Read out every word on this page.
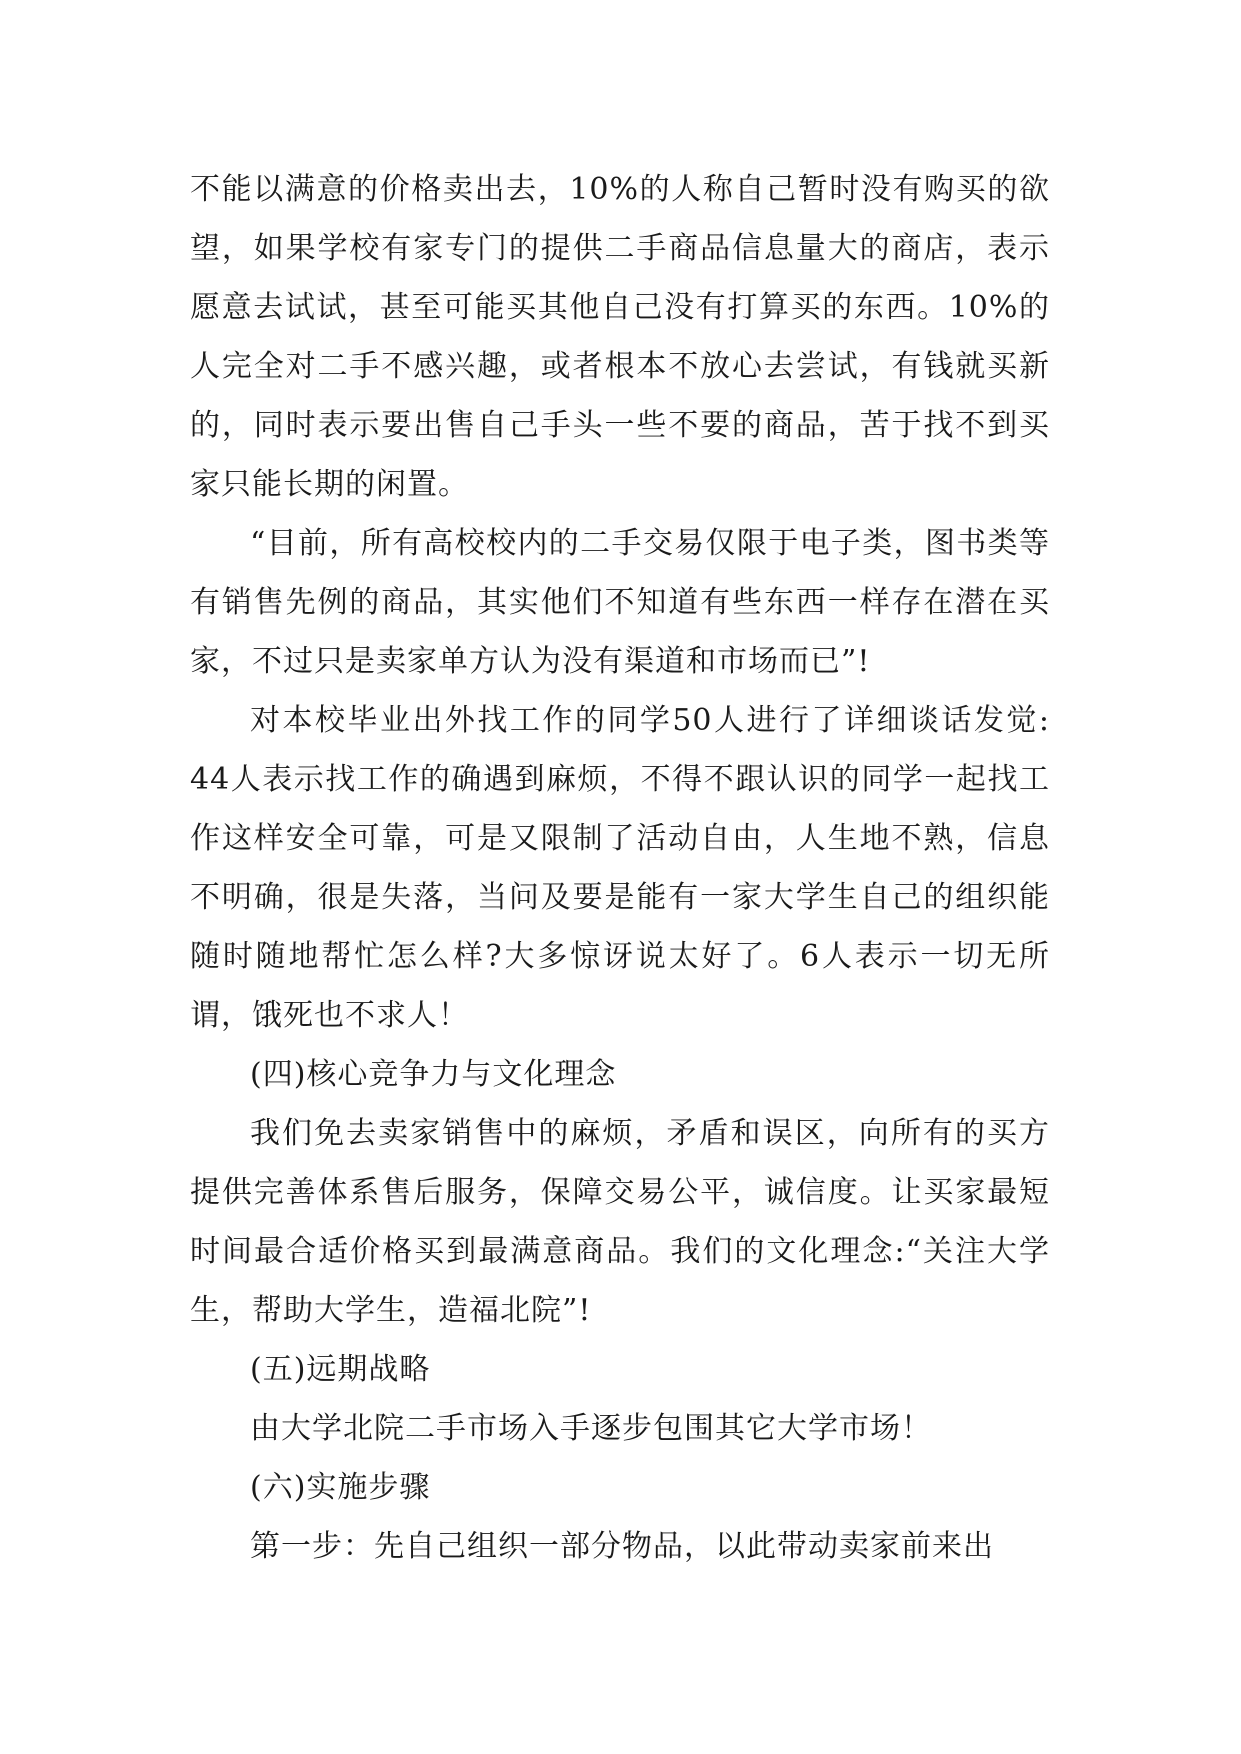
不能以满意的价格卖出去，10%的人称自己暂时没有购买的欲望，如果学校有家专门的提供二手商品信息量大的商店，表示愿意去试试，甚至可能买其他自己没有打算买的东西。10%的人完全对二手不感兴趣，或者根本不放心去尝试，有钱就买新的，同时表示要出售自己手头一些不要的商品，苦于找不到买家只能长期的闲置。

“目前，所有高校校内的二手交易仅限于电子类，图书类等有销售先例的商品，其实他们不知道有些东西一样存在潜在买家，不过只是卖家单方认为没有渠道和市场而已”!

对本校毕业出外找工作的同学50人进行了详细谈话发觉: 44人表示找工作的确遇到麻烦，不得不跟认识的同学一起找工作这样安全可靠，可是又限制了活动自由，人生地不熟，信息不明确，很是失落，当问及要是能有一家大学生自己的组织能随时随地帮忙怎么样?大多惊讶说太好了。6人表示一切无所谓，饿死也不求人！

(四)核心竞争力与文化理念

我们免去卖家销售中的麻烦，矛盾和误区，向所有的买方提供完善体系售后服务，保障交易公平，诚信度。让买家最短时间最合适价格买到最满意商品。我们的文化理念:“关注大学生，帮助大学生，造福北院”!

(五)远期战略

由大学北院二手市场入手逐步包围其它大学市场！

(六)实施步骤

第一步：先自己组织一部分物品，以此带动卖家前来出
